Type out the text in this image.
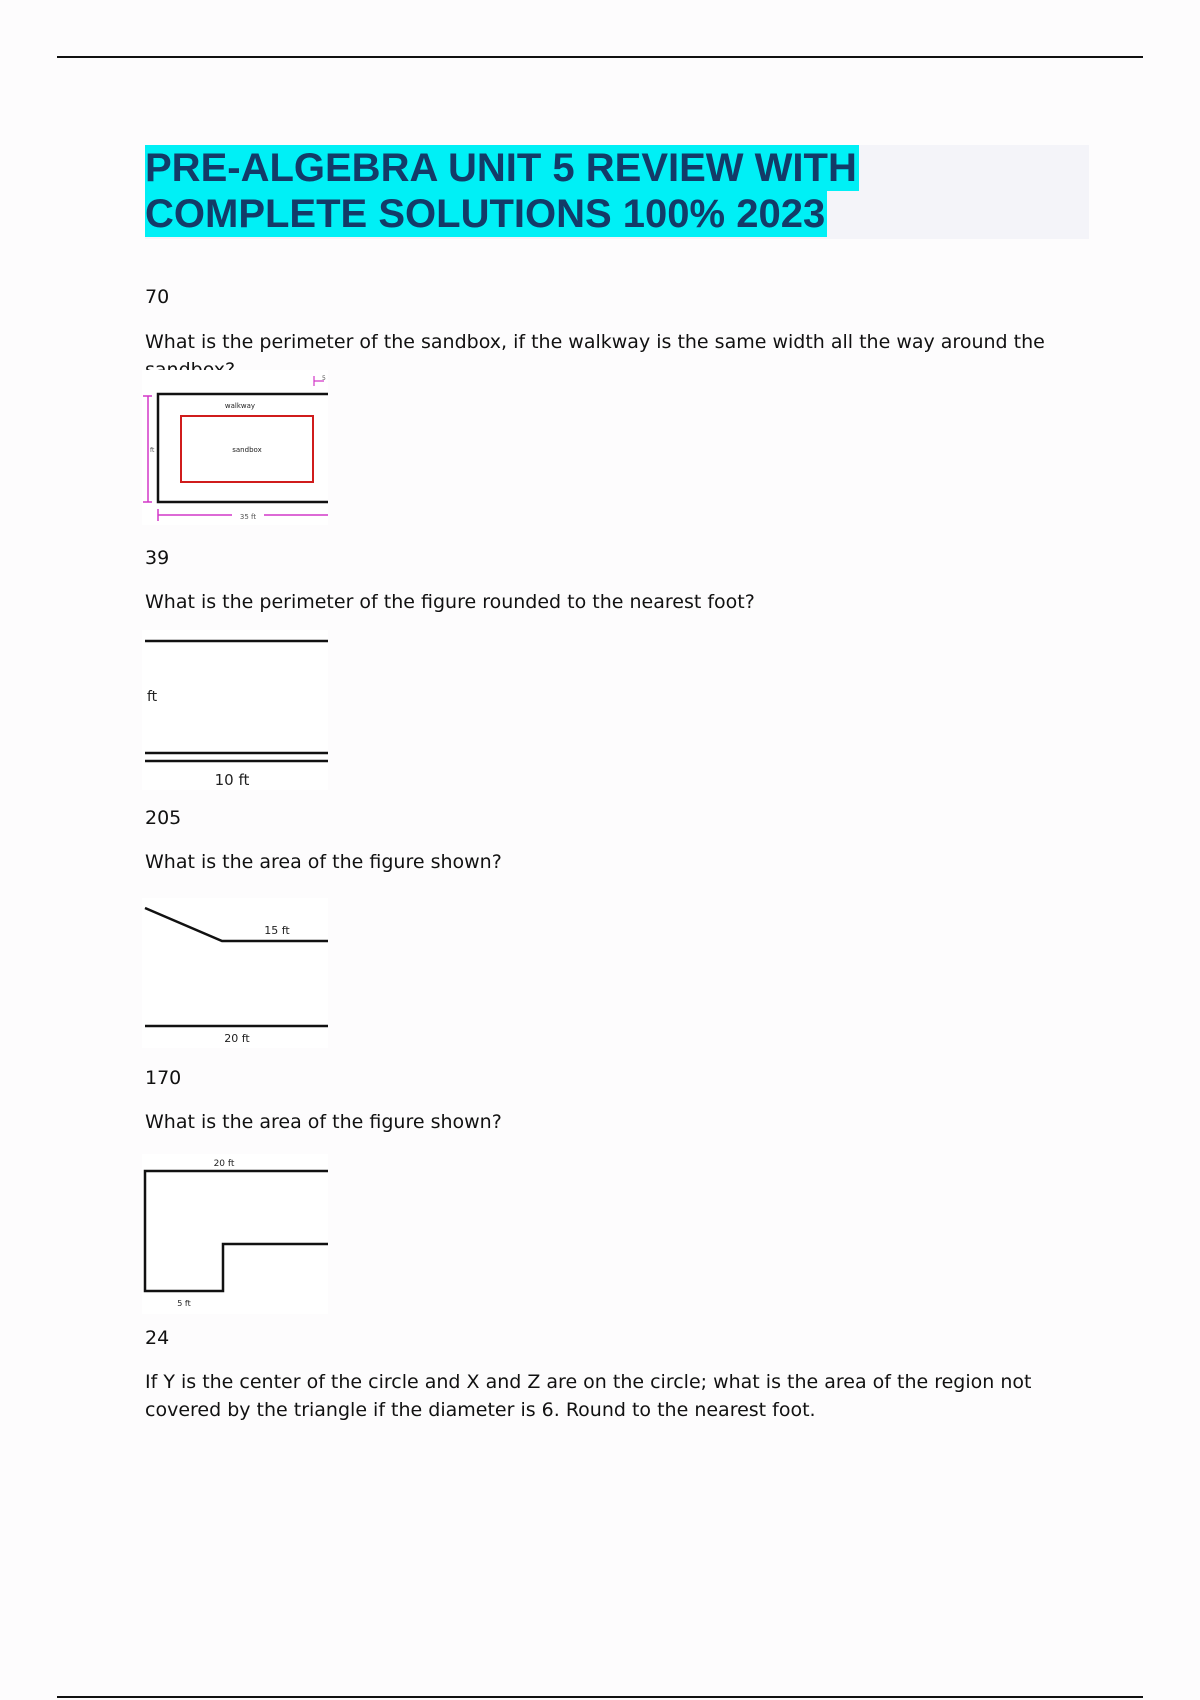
PRE-ALGEBRA UNIT 5 REVIEW WITH
COMPLETE SOLUTIONS 100% 2023
70
What is the perimeter of the sandbox, if the walkway is the same width all the way around the
walkway
sandbox
35 ft
ft
5
39
What is the perimeter of the figure rounded to the nearest foot?
ft
10 ft
205
What is the area of the figure shown?
15 ft
20 ft
170
What is the area of the figure shown?
20 ft
5 ft
24
If Y is the center of the circle and X and Z are on the circle; what is the area of the region not covered by the triangle if the diameter is 6. Round to the nearest foot.
